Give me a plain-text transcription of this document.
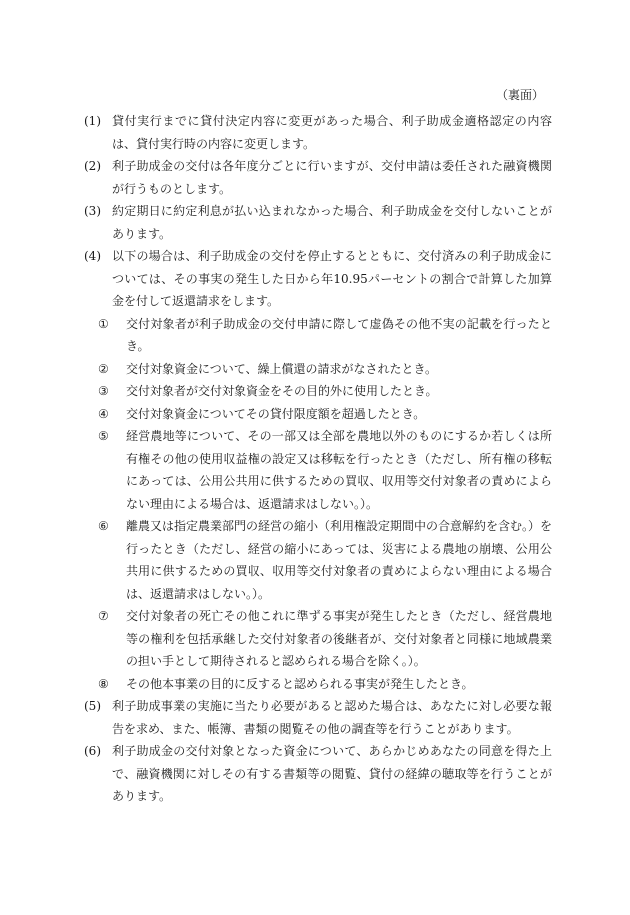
（裏面）
(1) 貸付実行までに貸付決定内容に変更があった場合、利子助成金適格認定の内容は、貸付実行時の内容に変更します。
(2) 利子助成金の交付は各年度分ごとに行いますが、交付申請は委任された融資機関が行うものとします。
(3) 約定期日に約定利息が払い込まれなかった場合、利子助成金を交付しないことがあります。
(4) 以下の場合は、利子助成金の交付を停止するとともに、交付済みの利子助成金については、その事実の発生した日から年10.95パーセントの割合で計算した加算金を付して返還請求をします。
①	交付対象者が利子助成金の交付申請に際して虚偽その他不実の記載を行ったとき。
②	交付対象資金について、繰上償還の請求がなされたとき。
③	交付対象者が交付対象資金をその目的外に使用したとき。
④	交付対象資金についてその貸付限度額を超過したとき。
⑤	経営農地等について、その一部又は全部を農地以外のものにするか若しくは所有権その他の使用収益権の設定又は移転を行ったとき（ただし、所有権の移転にあっては、公用公共用に供するための買収、収用等交付対象者の責めによらない理由による場合は、返還請求はしない。）。
⑥	離農又は指定農業部門の経営の縮小（利用権設定期間中の合意解約を含む。）を行ったとき（ただし、経営の縮小にあっては、災害による農地の崩壊、公用公共用に供するための買収、収用等交付対象者の責めによらない理由による場合は、返還請求はしない。）。
⑦	交付対象者の死亡その他これに準ずる事実が発生したとき（ただし、経営農地等の権利を包括承継した交付対象者の後継者が、交付対象者と同様に地域農業の担い手として期待されると認められる場合を除く。）。
⑧	その他本事業の目的に反すると認められる事実が発生したとき。
(5) 利子助成事業の実施に当たり必要があると認めた場合は、あなたに対し必要な報告を求め、また、帳簿、書類の閲覧その他の調査等を行うことがあります。
(6) 利子助成金の交付対象となった資金について、あらかじめあなたの同意を得た上で、融資機関に対しその有する書類等の閲覧、貸付の経緯の聴取等を行うことがあります。
